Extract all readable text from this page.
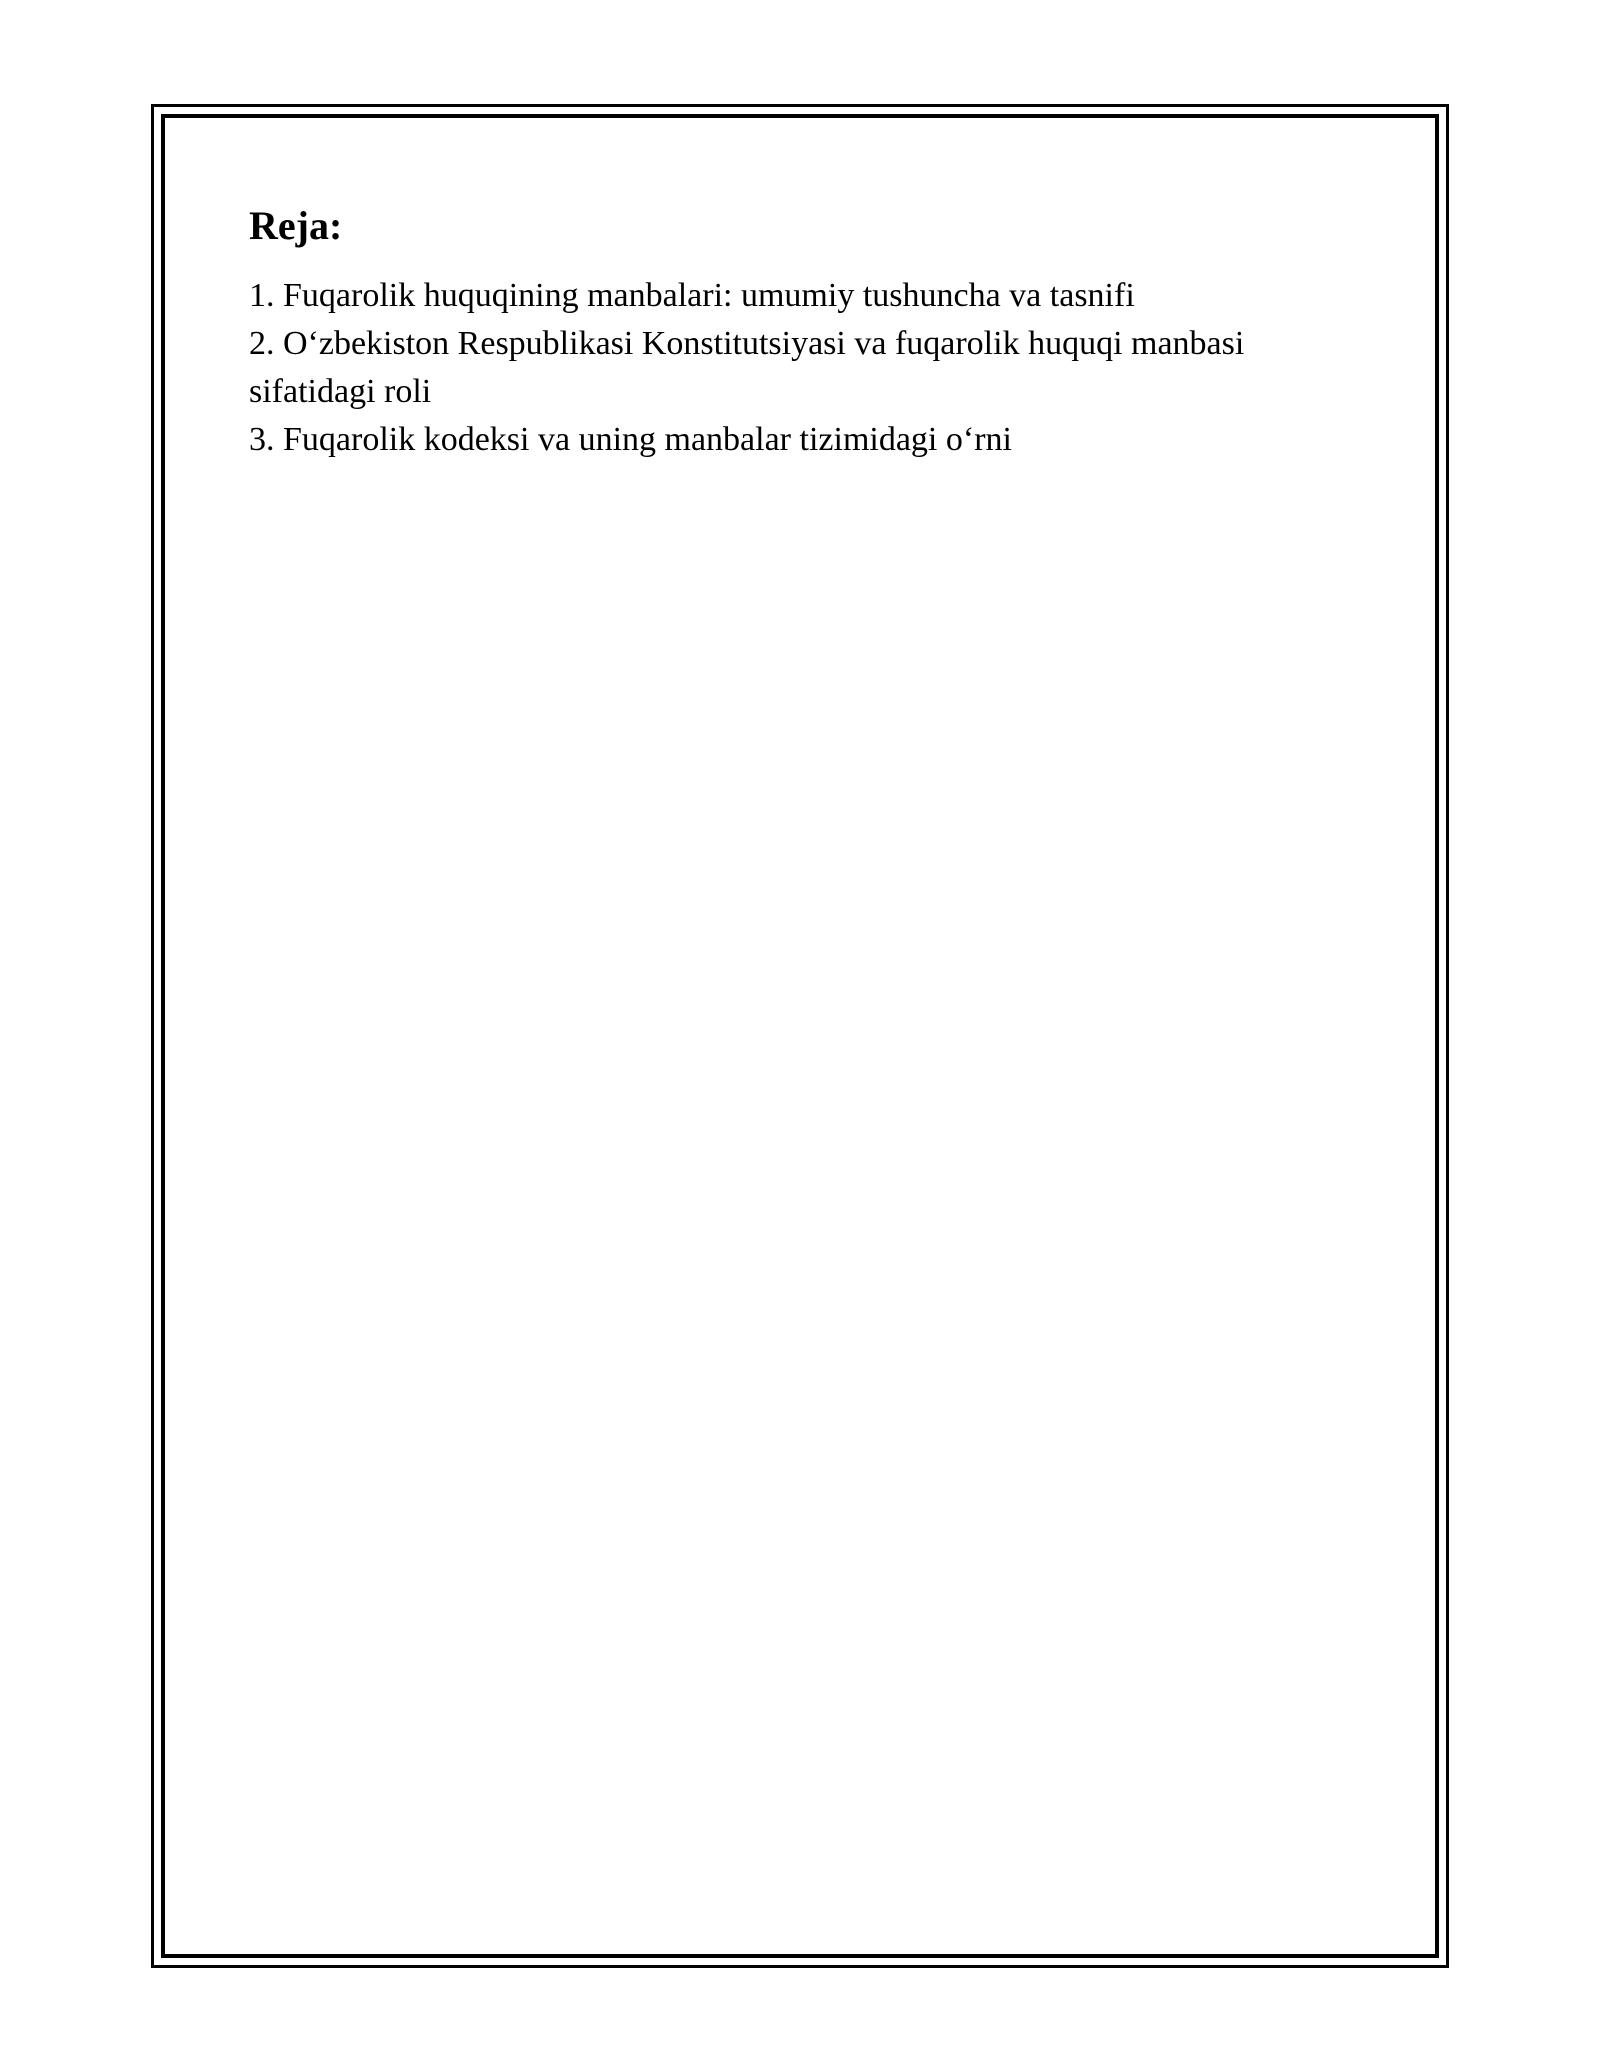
Reja:
1. Fuqarolik huquqining manbalari: umumiy tushuncha va tasnifi
2. O‘zbekiston Respublikasi Konstitutsiyasi va fuqarolik huquqi manbasi sifatidagi roli
3. Fuqarolik kodeksi va uning manbalar tizimidagi o‘rni
